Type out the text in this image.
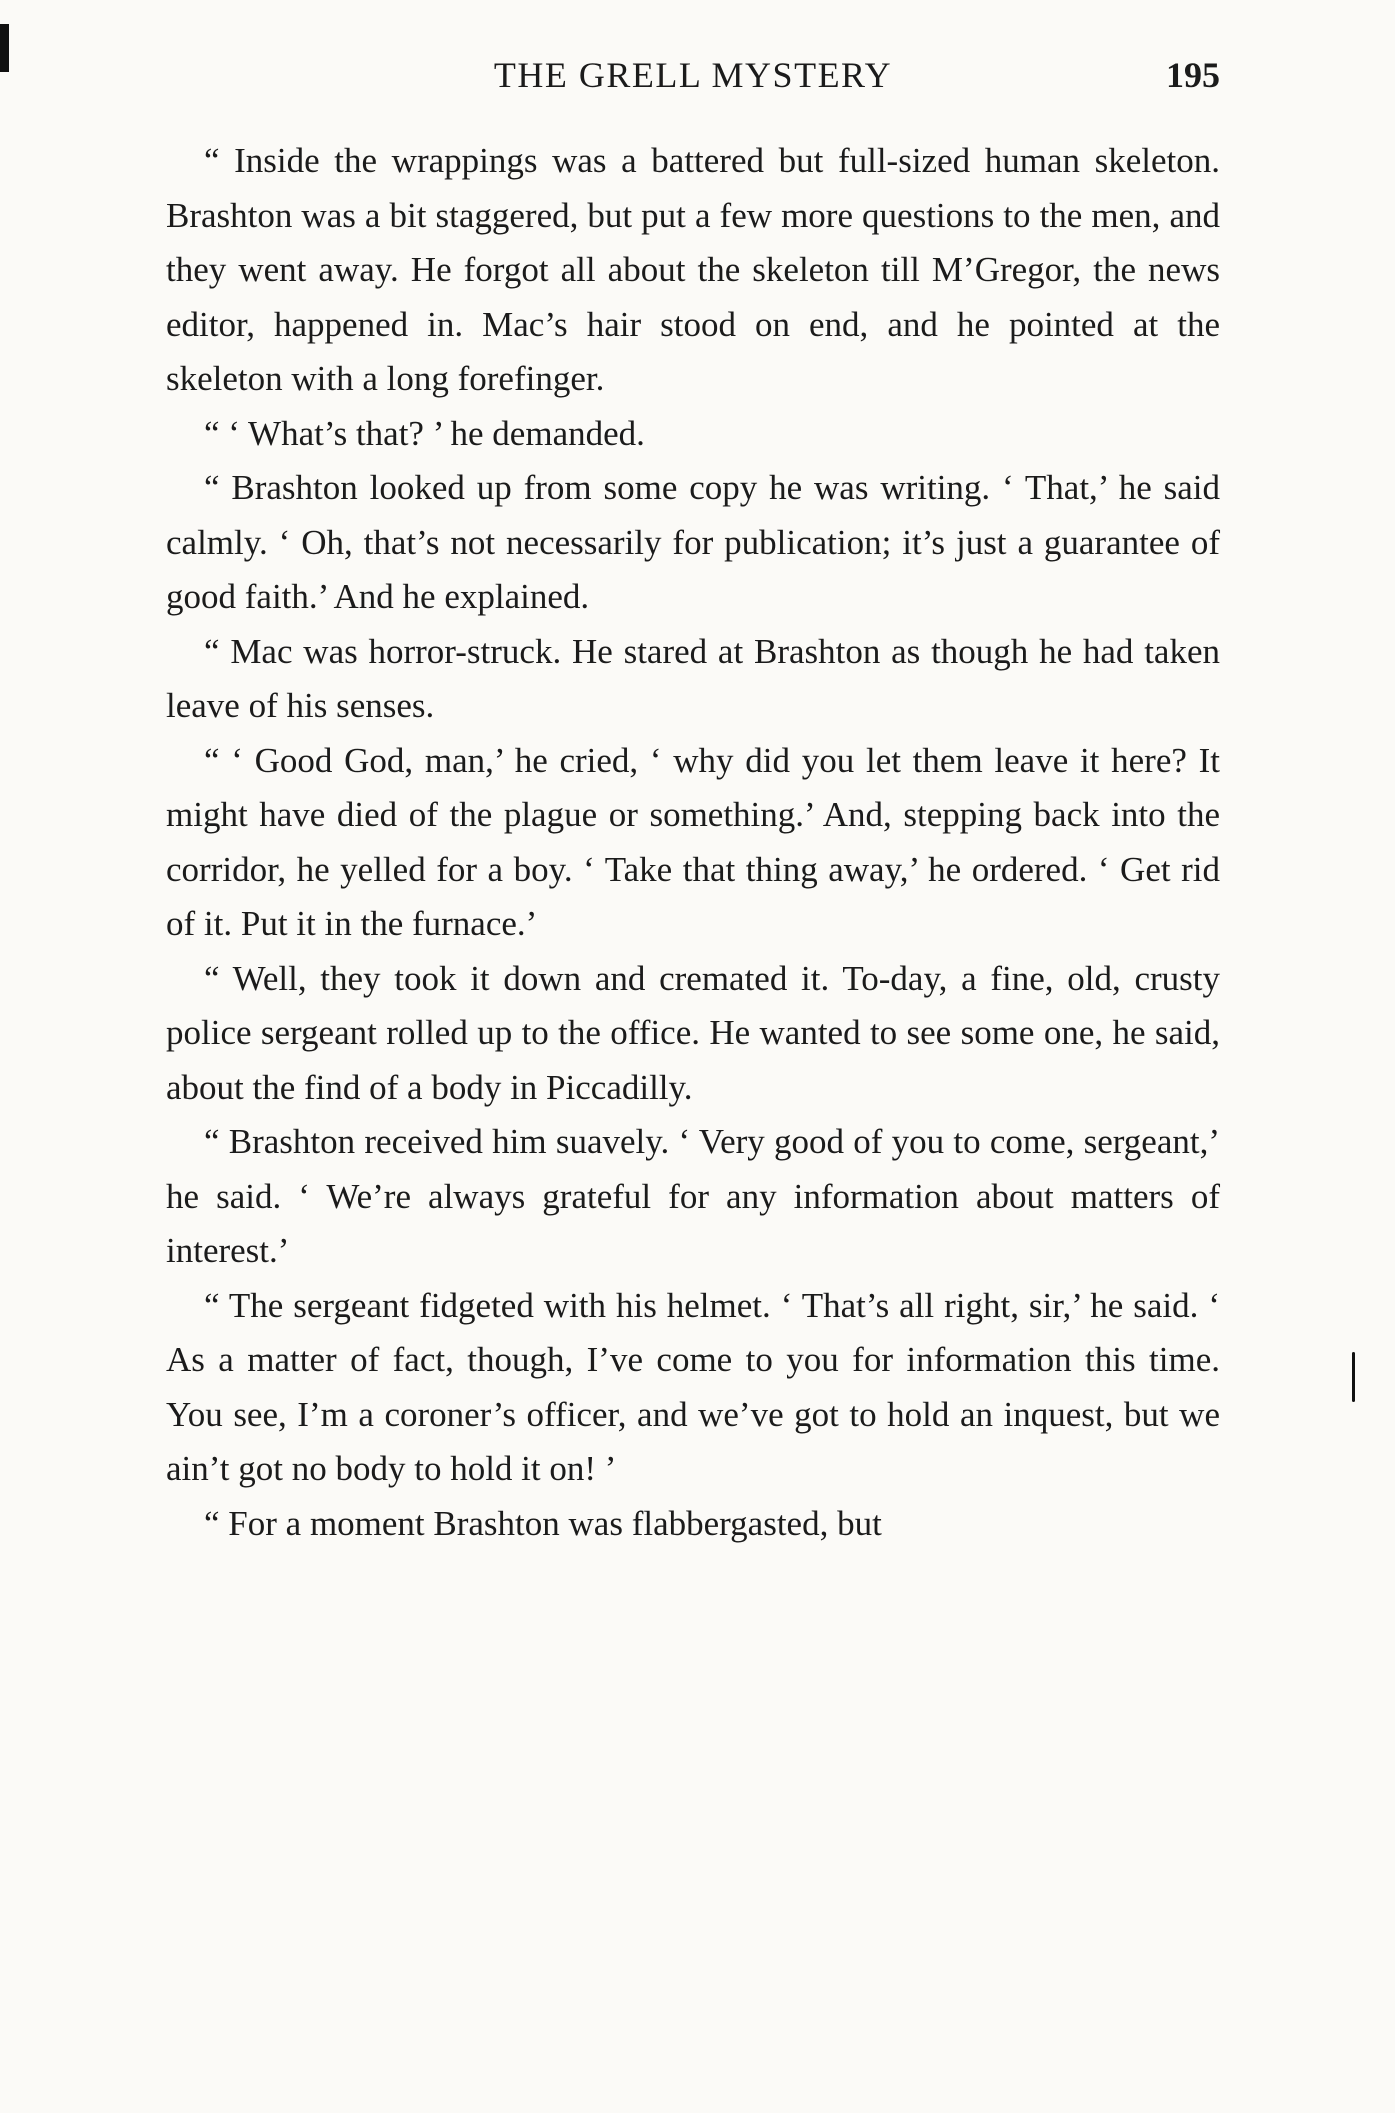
THE GRELL MYSTERY	195

“ Inside the wrappings was a battered but full-sized human skeleton. Brashton was a bit staggered, but put a few more questions to the men, and they went away. He forgot all about the skeleton till M’Gregor, the news editor, happened in. Mac’s hair stood on end, and he pointed at the skeleton with a long forefinger.

“ ‘ What’s that? ’ he demanded.

“ Brashton looked up from some copy he was writing. ‘ That,’ he said calmly. ‘ Oh, that’s not necessarily for publication; it’s just a guarantee of good faith.’ And he explained.

“ Mac was horror-struck. He stared at Brashton as though he had taken leave of his senses.

“ ‘ Good God, man,’ he cried, ‘ why did you let them leave it here? It might have died of the plague or something.’ And, stepping back into the corridor, he yelled for a boy. ‘ Take that thing away,’ he ordered. ‘ Get rid of it. Put it in the furnace.’

“ Well, they took it down and cremated it. To-day, a fine, old, crusty police sergeant rolled up to the office. He wanted to see some one, he said, about the find of a body in Piccadilly.

“ Brashton received him suavely. ‘ Very good of you to come, sergeant,’ he said. ‘ We’re always grateful for any information about matters of interest.’

“ The sergeant fidgeted with his helmet. ‘ That’s all right, sir,’ he said. ‘ As a matter of fact, though, I’ve come to you for information this time. You see, I’m a coroner’s officer, and we’ve got to hold an inquest, but we ain’t got no body to hold it on! ’

“ For a moment Brashton was flabbergasted, but
